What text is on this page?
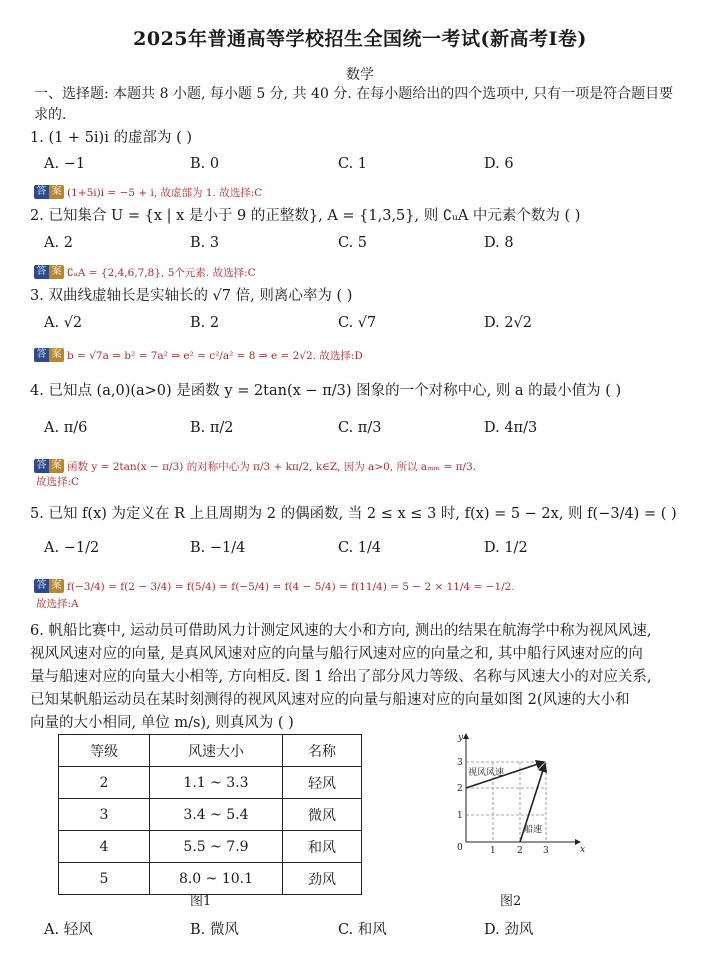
2025年普通高等学校招生全国统一考试(新高考I卷)
数学
一、选择题: 本题共 8 小题, 每小题 5 分, 共 40 分. 在每小题给出的四个选项中, 只有一项是符合题目要求的.
1. (1 + 5i)i 的虚部为 ( )
A. −1	B. 0	C. 1	D. 6
答 案 (1+5i)i = −5 + i, 故虚部为 1. 故选择:C
2. 已知集合 U = {x | x 是小于 9 的正整数}, A = {1,3,5}, 则 ∁ᵤA 中元素个数为 ( )
A. 2	B. 3	C. 5	D. 8
答 案 ∁ᵤA = {2,4,6,7,8}, 5个元素. 故选择:C
3. 双曲线虚轴长是实轴长的 √7 倍, 则离心率为 ( )
A. √2	B. 2	C. √7	D. 2√2
答 案 b = √7a ⇒ b² = 7a² ⇒ e² = c²/a² = 8 ⇒ e = 2√2. 故选择:D
4. 已知点 (a,0)(a>0) 是函数 y = 2tan(x − π/3) 图象的一个对称中心, 则 a 的最小值为 ( )
A. π/6	B. π/2	C. π/3	D. 4π/3
答 案 函数 y = 2tan(x − π/3) 的对称中心为 π/3 + kπ/2, k∈Z, 因为 a>0, 所以 aₘᵢₙ = π/3.
故选择:C
5. 已知 f(x) 为定义在 R 上且周期为 2 的偶函数, 当 2 ≤ x ≤ 3 时, f(x) = 5 − 2x, 则 f(−3/4) = ( )
A. −1/2	B. −1/4	C. 1/4	D. 1/2
答 案 f(−3/4) = f(2 − 3/4) = f(5/4) = f(−5/4) = f(4 − 5/4) = f(11/4) = 5 − 2 × 11/4 = −1/2.
故选择:A
6. 帆船比赛中, 运动员可借助风力计测定风速的大小和方向, 测出的结果在航海学中称为视风风速,
视风风速对应的向量, 是真风风速对应的向量与船行风速对应的向量之和, 其中船行风速对应的向
量与船速对应的向量大小相等, 方向相反. 图 1 给出了部分风力等级、名称与风速大小的对应关系,
已知某帆船运动员在某时刻测得的视风风速对应的向量与船速对应的向量如图 2(风速的大小和
向量的大小相同, 单位 m/s), 则真风为 ( )
等级	风速大小	名称
2	1.1 ~ 3.3	轻风
3	3.4 ~ 5.4	微风
4	5.5 ~ 7.9	和风
5	8.0 ~ 10.1	劲风
图1
视风风速
船速
y
x
0	1 2 3
1
2
3
图2
A. 轻风	B. 微风	C. 和风	D. 劲风
